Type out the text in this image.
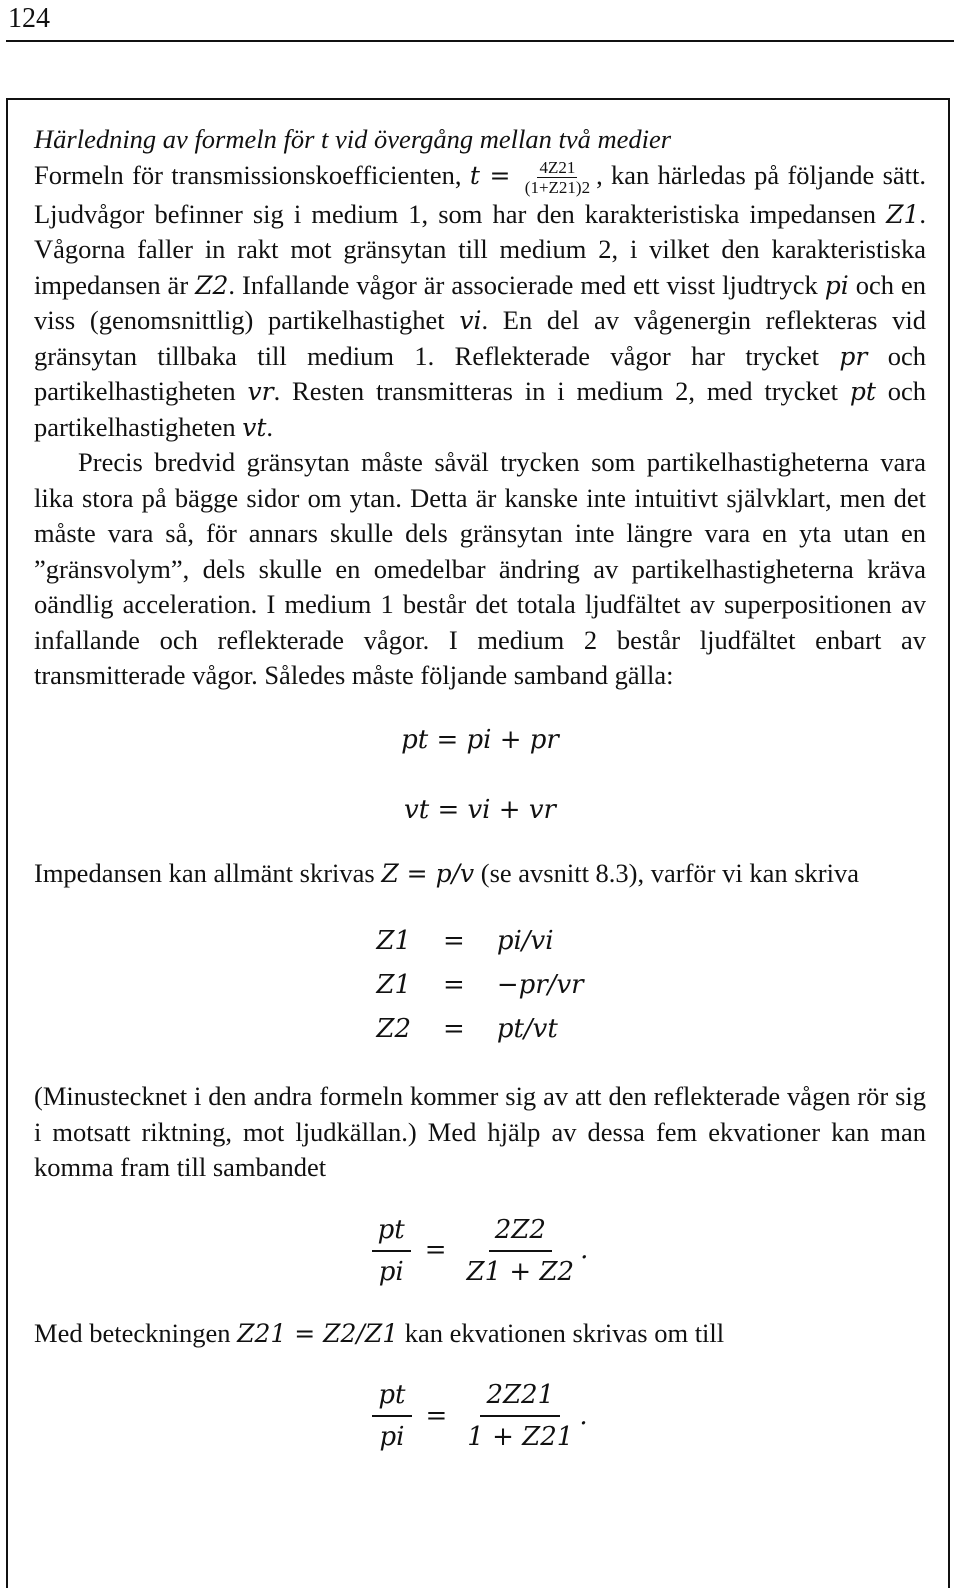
124

Härledning av formeln för t vid övergång mellan två medier

Formeln för transmissionskoefficienten, $t = \frac{4Z21}{(1+Z21)2}$ , kan härledas på följande sätt. Ljudvågor befinner sig i medium 1, som har den karakteristiska impedansen Z1. Vågorna faller in rakt mot gränsytan till medium 2, i vilket den karakteristiska impedansen är Z2. Infallande vågor är associerade med ett visst ljudtryck pi och en viss (genomsnittlig) partikelhastighet vi. En del av vågenergin reflekteras vid gränsytan tillbaka till medium 1. Reflekterade vågor har trycket pr och partikelhastigheten vr. Resten transmitteras in i medium 2, med trycket pt och partikelhastigheten vt.

Precis bredvid gränsytan måste såväl trycken som partikelhastigheterna vara lika stora på bägge sidor om ytan. Detta är kanske inte intuitivt självklart, men det måste vara så, för annars skulle dels gränsytan inte längre vara en yta utan en ”gränsvolym”, dels skulle en omedelbar ändring av partikelhastigheterna kräva oändlig acceleration. I medium 1 består det totala ljudfältet av superpositionen av infallande och reflekterade vågor. I medium 2 består ljudfältet enbart av transmitterade vågor. Således måste följande samband gälla:

pt = pi + pr
vt = vi + vr

Impedansen kan allmänt skrivas Z = p/v (se avsnitt 8.3), varför vi kan skriva

Z1	=	pi/vi
Z1	=	−pr/vr
Z2	=	pt/vt

(Minustecknet i den andra formeln kommer sig av att den reflekterade vågen rör sig i motsatt riktning, mot ljudkällan.) Med hjälp av dessa fem ekvationer kan man komma fram till sambandet

$\frac{pt}{pi} = \frac{2Z2}{Z1 + Z2}$ .

Med beteckningen Z21 = Z2/Z1 kan ekvationen skrivas om till

$\frac{pt}{pi} = \frac{2Z21}{1 + Z21}$ .
